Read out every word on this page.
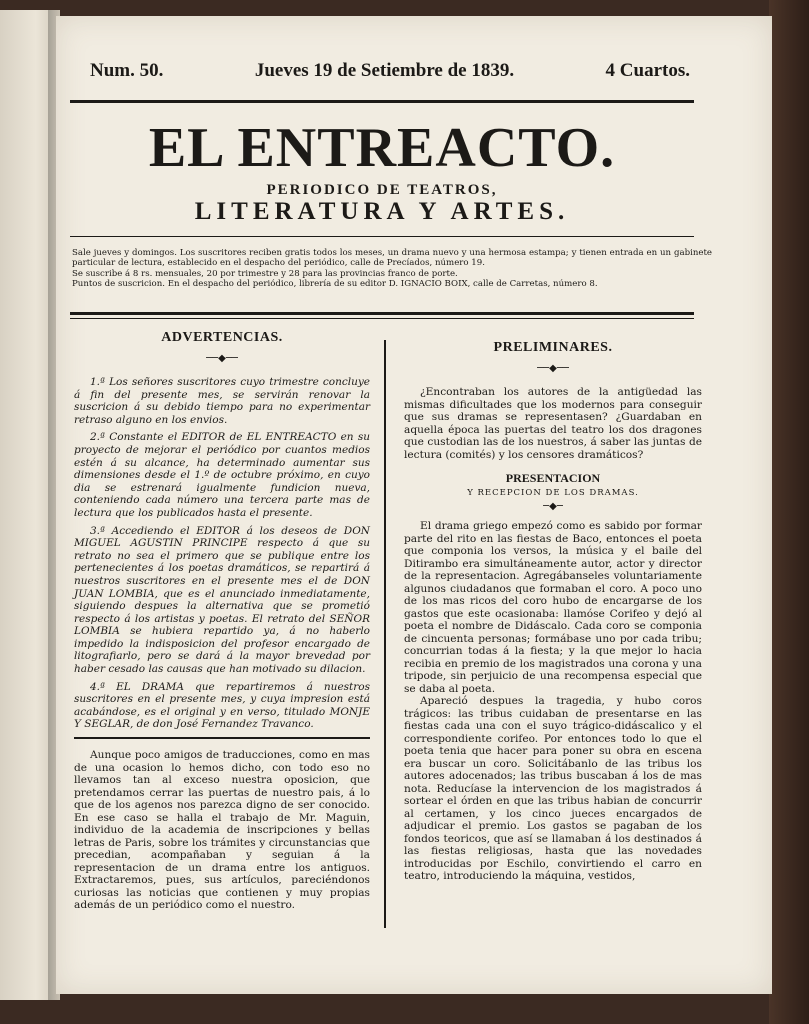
Num. 50.	Jueves 19 de Setiembre de 1839.	4 Cuartos.
EL ENTREACTO.
PERIODICO DE TEATROS,
LITERATURA Y ARTES.

Sale jueves y domingos. Los suscritores reciben gratis todos los meses, un drama nuevo y una hermosa estampa; y tienen entrada en un gabinete particular de lectura, establecido en el despacho del periódico, calle de Precíados, número 19.

Se suscribe á 8 rs. mensuales, 20 por trimestre y 28 para las provincias franco de porte.

Puntos de suscricion. En el despacho del periódico, librería de su editor D. IGNACIO BOIX, calle de Carretas, número 8.

ADVERTENCIAS.
──◆──

1.ª Los señores suscritores cuyo trimestre concluye á fin del presente mes, se servirán renovar la suscricion á su debido tiempo para no experimentar retraso alguno en los envios.

2.ª Constante el EDITOR de EL ENTREACTO en su proyecto de mejorar el periódico por cuantos medios estén á su alcance, ha determinado aumentar sus dimensiones desde el 1.º de octubre próximo, en cuyo dia se estrenará igualmente fundicion nueva, conteniendo cada número una tercera parte mas de lectura que los publicados hasta el presente.

3.ª Accediendo el EDITOR á los deseos de DON MIGUEL AGUSTIN PRINCIPE respecto á que su retrato no sea el primero que se publique entre los pertenecientes á los poetas dramáticos, se repartirá á nuestros suscritores en el presente mes el de DON JUAN LOMBIA, que es el anunciado inmediatamente, siguiendo despues la alternativa que se prometió respecto á los artistas y poetas. El retrato del SEÑOR LOMBIA se hubiera repartido ya, á no haberlo impedido la indisposicion del profesor encargado de litografiarlo, pero se dará á la mayor brevedad por haber cesado las causas que han motivado su dilacion.

4.ª EL DRAMA que repartiremos á nuestros suscritores en el presente mes, y cuya impresion está acabándose, es el original y en verso, titulado MONJE Y SEGLAR, de don José Fernandez Travanco.

Aunque poco amigos de traducciones, como en mas de una ocasion lo hemos dicho, con todo eso no llevamos tan al exceso nuestra oposicion, que pretendamos cerrar las puertas de nuestro pais, á lo que de los agenos nos parezca digno de ser conocido. En ese caso se halla el trabajo de Mr. Maguin, individuo de la academia de inscripciones y bellas letras de Paris, sobre los trámites y circunstancias que precedian, acompañaban y seguian á la representacion de un drama entre los antiguos. Extractaremos, pues, sus artículos, pareciéndonos curiosas las noticias que contienen y muy propias además de un periódico como el nuestro.

PRELIMINARES.
──◆──

¿Encontraban los autores de la antigüedad las mismas dificultades que los modernos para conseguir que sus dramas se representasen? ¿Guardaban en aquella época las puertas del teatro los dos dragones que custodian las de los nuestros, á saber las juntas de lectura (comités) y los censores dramáticos?

PRESENTACION
Y RECEPCION DE LOS DRAMAS.
─◆─

El drama griego empezó como es sabido por formar parte del rito en las fiestas de Baco, entonces el poeta que componia los versos, la música y el baile del Ditirambo era simultáneamente autor, actor y director de la representacion. Agregábanseles voluntariamente algunos ciudadanos que formaban el coro. A poco uno de los mas ricos del coro hubo de encargarse de los gastos que este ocasionaba: llamóse Corifeo y dejó al poeta el nombre de Didáscalo. Cada coro se componia de cincuenta personas; formábase uno por cada tribu; concurrian todas á la fiesta; y la que mejor lo hacia recibia en premio de los magistrados una corona y una tripode, sin perjuicio de una recompensa especial que se daba al poeta.

Apareció despues la tragedia, y hubo coros trágicos: las tribus cuidaban de presentarse en las fiestas cada una con el suyo trágico-didáscalico y el correspondiente corifeo. Por entonces todo lo que el poeta tenia que hacer para poner su obra en escena era buscar un coro. Solicitábanlo de las tribus los autores adocenados; las tribus buscaban á los de mas nota. Reducíase la intervencion de los magistrados á sortear el órden en que las tribus habian de concurrir al certamen, y los cinco jueces encargados de adjudicar el premio. Los gastos se pagaban de los fondos teoricos, que así se llamaban á los destinados á las fiestas religiosas, hasta que las novedades introducidas por Eschilo, convirtiendo el carro en teatro, introduciendo la máquina, vestidos,
